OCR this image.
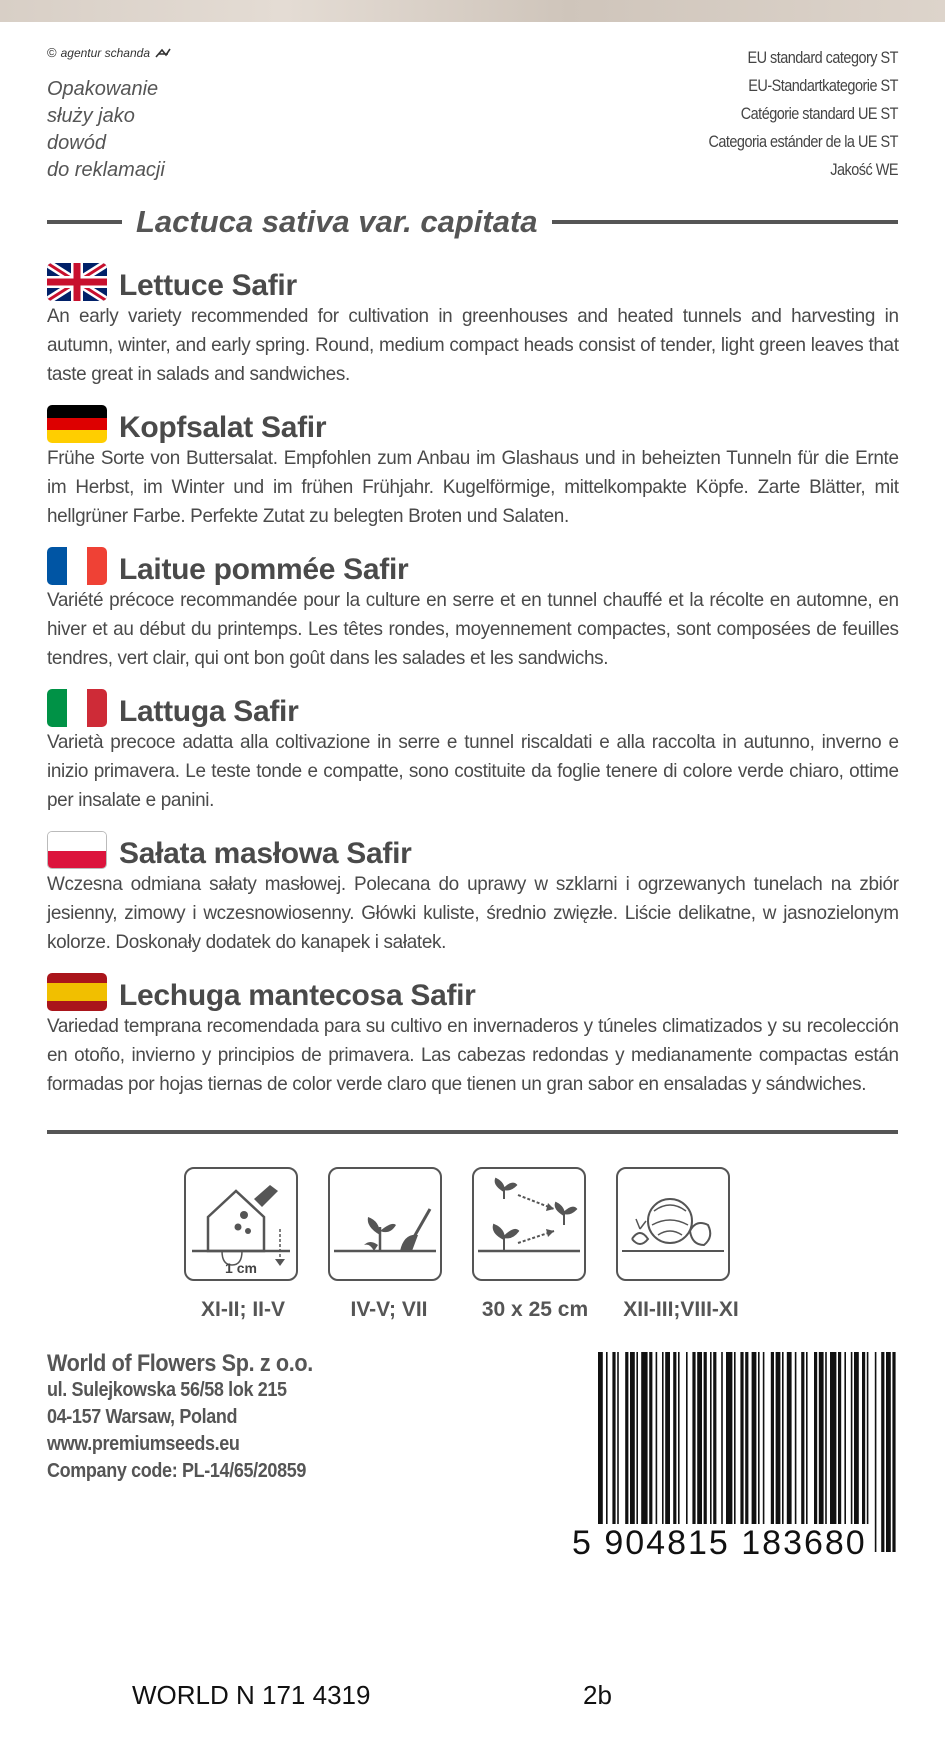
© agentur schanda
Opakowanie
służy jako
dowód
do reklamacji
EU standard category ST
EU-Standartkategorie ST
Catégorie standard UE ST
Categoria estánder de la UE ST
Jakość WE
Lactuca sativa var. capitata
Lettuce Safir
An early variety recommended for cultivation in greenhouses and heated tunnels and harvesting in autumn, winter, and early spring. Round, medium compact heads consist of tender, light green leaves that taste great in salads and sandwiches.
Kopfsalat Safir
Frühe Sorte von Buttersalat. Empfohlen zum Anbau im Glashaus und in beheizten Tunneln für die Ernte im Herbst, im Winter und im frühen Frühjahr. Kugelförmige, mittelkompakte Köpfe. Zarte Blätter, mit hellgrüner Farbe. Perfekte Zutat zu belegten Broten und Salaten.
Laitue pommée Safir
Variété précoce recommandée pour la culture en serre et en tunnel chauffé et la récolte en automne, en hiver et au début du printemps. Les têtes rondes, moyennement compactes, sont composées de feuilles tendres, vert clair, qui ont bon goût dans les salades et les sandwichs.
Lattuga Safir
Varietà precoce adatta alla coltivazione in serre e tunnel riscaldati e alla raccolta in autunno, inverno e inizio primavera. Le teste tonde e compatte, sono costituite da foglie tenere di colore verde chiaro, ottime per insalate e panini.
Sałata masłowa Safir
Wczesna odmiana sałaty masłowej. Polecana do uprawy w szklarni i ogrzewanych tunelach na zbiór jesienny, zimowy i wczesnowiosenny. Główki kuliste, średnio zwięzłe. Liście delikatne, w jasnozielonym kolorze. Doskonały dodatek do kanapek i sałatek.
Lechuga mantecosa Safir
Variedad temprana recomendada para su cultivo en invernaderos y túneles climatizados y su recolección en otoño, invierno y principios de primavera. Las cabezas redondas y medianamente compactas están formadas por hojas tiernas de color verde claro que tienen un gran sabor en ensaladas y sándwiches.
1 cm
XI-II; II-V	IV-V; VII	30 x 25 cm	XII-III;VIII-XI
World of Flowers Sp. z o.o.
ul. Sulejkowska 56/58 lok 215
04-157 Warsaw, Poland
www.premiumseeds.eu
Company code: PL-14/65/20859
5 904815 183680
WORLD N 171 4319	2b
